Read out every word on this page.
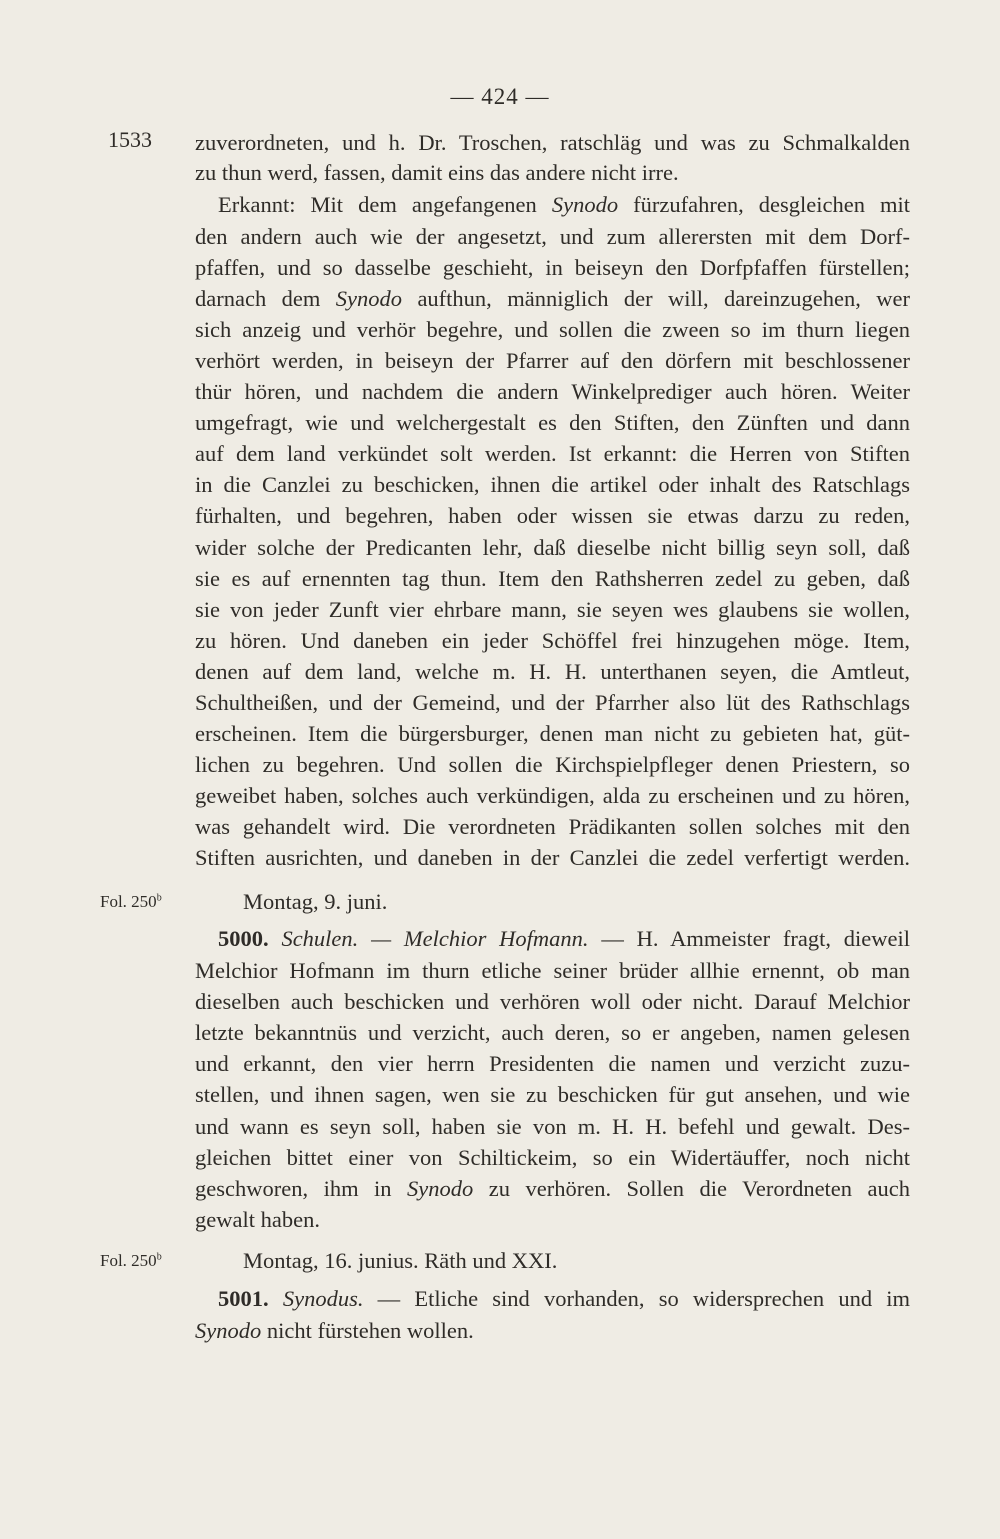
— 424 —
1533
Fol. 250$^b$
Fol. 250$^b$
zuverordneten, und h. Dr. Troschen, ratschläg und was zu Schmalkalden
zu thun werd, fassen, damit eins das andere nicht irre.
Erkannt: Mit dem angefangenen Synodo fürzufahren, desgleichen mit
den andern auch wie der angesetzt, und zum allerersten mit dem Dorf-
pfaffen, und so dasselbe geschieht, in beiseyn den Dorfpfaffen fürstellen;
darnach dem Synodo aufthun, männiglich der will, dareinzugehen, wer
sich anzeig und verhör begehre, und sollen die zween so im thurn liegen
verhört werden, in beiseyn der Pfarrer auf den dörfern mit beschlossener
thür hören, und nachdem die andern Winkelprediger auch hören. Weiter
umgefragt, wie und welchergestalt es den Stiften, den Zünften und dann
auf dem land verkündet solt werden. Ist erkannt: die Herren von Stiften
in die Canzlei zu beschicken, ihnen die artikel oder inhalt des Ratschlags
fürhalten, und begehren, haben oder wissen sie etwas darzu zu reden,
wider solche der Predicanten lehr, daß dieselbe nicht billig seyn soll, daß
sie es auf ernennten tag thun. Item den Rathsherren zedel zu geben, daß
sie von jeder Zunft vier ehrbare mann, sie seyen wes glaubens sie wollen,
zu hören. Und daneben ein jeder Schöffel frei hinzugehen möge. Item,
denen auf dem land, welche m. H. H. unterthanen seyen, die Amtleut,
Schultheißen, und der Gemeind, und der Pfarrher also lüt des Rathschlags
erscheinen. Item die bürgersburger, denen man nicht zu gebieten hat, güt-
lichen zu begehren. Und sollen die Kirchspielpfleger denen Priestern, so
geweibet haben, solches auch verkündigen, alda zu erscheinen und zu hören,
was gehandelt wird. Die verordneten Prädikanten sollen solches mit den
Stiften ausrichten, und daneben in der Canzlei die zedel verfertigt werden.
Montag, 9. juni.
5000. Schulen. — Melchior Hofmann. — H. Ammeister fragt, dieweil
Melchior Hofmann im thurn etliche seiner brüder allhie ernennt, ob man
dieselben auch beschicken und verhören woll oder nicht. Darauf Melchior
letzte bekanntnüs und verzicht, auch deren, so er angeben, namen gelesen
und erkannt, den vier herrn Presidenten die namen und verzicht zuzu-
stellen, und ihnen sagen, wen sie zu beschicken für gut ansehen, und wie
und wann es seyn soll, haben sie von m. H. H. befehl und gewalt. Des-
gleichen bittet einer von Schiltickeim, so ein Widertäuffer, noch nicht
geschworen, ihm in Synodo zu verhören. Sollen die Verordneten auch
gewalt haben.
Montag, 16. junius. Räth und XXI.
5001. Synodus. — Etliche sind vorhanden, so widersprechen und im
Synodo nicht fürstehen wollen.
